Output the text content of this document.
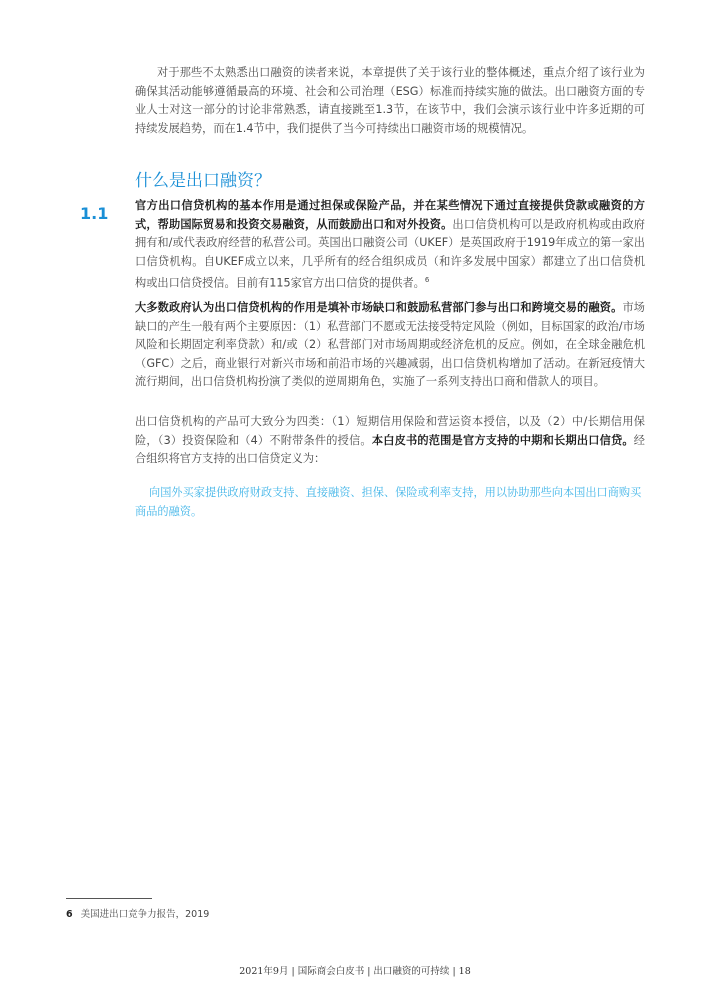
对于那些不太熟悉出口融资的读者来说，本章提供了关于该行业的整体概述，重点介绍了该行业为确保其活动能够遵循最高的环境、社会和公司治理（ESG）标准而持续实施的做法。出口融资方面的专业人士对这一部分的讨论非常熟悉，请直接跳至1.3节，在该节中，我们会演示该行业中许多近期的可持续发展趋势，而在1.4节中，我们提供了当今可持续出口融资市场的规模情况。

什么是出口融资？
1.1 官方出口信贷机构的基本作用是通过担保或保险产品，并在某些情况下通过直接提供贷款或融资的方式，帮助国际贸易和投资交易融资，从而鼓励出口和对外投资。出口信贷机构可以是政府机构或由政府拥有和/或代表政府经营的私营公司。英国出口融资公司（UKEF）是英国政府于1919年成立的第一家出口信贷机构。自UKEF成立以来，几乎所有的经合组织成员（和许多发展中国家）都建立了出口信贷机构或出口信贷授信。目前有115家官方出口信贷的提供者。$^6$

大多数政府认为出口信贷机构的作用是填补市场缺口和鼓励私营部门参与出口和跨境交易的融资。市场缺口的产生一般有两个主要原因：（1）私营部门不愿或无法接受特定风险（例如，目标国家的政治/市场风险和长期固定利率贷款）和/或（2）私营部门对市场周期或经济危机的反应。例如，在全球金融危机（GFC）之后，商业银行对新兴市场和前沿市场的兴趣减弱，出口信贷机构增加了活动。在新冠疫情大流行期间，出口信贷机构扮演了类似的逆周期角色，实施了一系列支持出口商和借款人的项目。

出口信贷机构的产品可大致分为四类：（1）短期信用保险和营运资本授信，以及（2）中/长期信用保险，（3）投资保险和（4）不附带条件的授信。本白皮书的范围是官方支持的中期和长期出口信贷。经合组织将官方支持的出口信贷定义为：

向国外买家提供政府财政支持、直接融资、担保、保险或利率支持，用以协助那些向本国出口商购买商品的融资。

6 美国进出口竞争力报告，2019
2021年9月 | 国际商会白皮书 | 出口融资的可持续 | 18
